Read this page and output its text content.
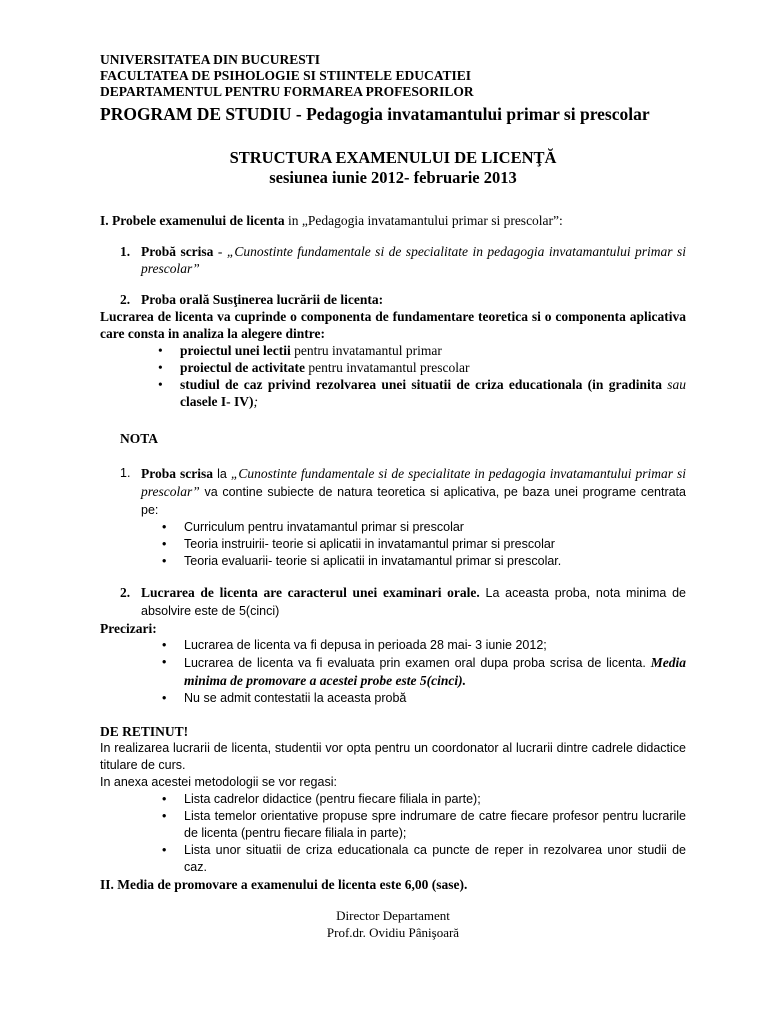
UNIVERSITATEA DIN BUCURESTI

FACULTATEA DE PSIHOLOGIE SI STIINTELE EDUCATIEI

DEPARTAMENTUL PENTRU FORMAREA PROFESORILOR

PROGRAM DE STUDIU - Pedagogia invatamantului primar si prescolar
STRUCTURA EXAMENULUI DE LICENŢĂ
sesiunea iunie 2012- februarie 2013
I. Probele examenului de licenta in „Pedagogia invatamantului primar si prescolar”:
1. Probă scrisa - „Cunostinte fundamentale si de specialitate in pedagogia invatamantului primar si prescolar”
2. Proba orală Susţinerea lucrării de licenta:
Lucrarea de licenta va cuprinde o componenta de fundamentare teoretica si o componenta aplicativa care consta in analiza la alegere dintre:
•	proiectul unei lectii pentru invatamantul primar
•	proiectul de activitate pentru invatamantul prescolar
•	studiul de caz privind rezolvarea unei situatii de criza educationala (in gradinita sau clasele I- IV);
NOTA
1. Proba scrisa la „Cunostinte fundamentale si de specialitate in pedagogia invatamantului primar si prescolar” va contine subiecte de natura teoretica si aplicativa, pe baza unei programe centrata pe:
•	Curriculum pentru invatamantul primar si prescolar
•	Teoria instruirii- teorie si aplicatii in invatamantul primar si prescolar
•	Teoria evaluarii- teorie si aplicatii in invatamantul primar si prescolar.
2. Lucrarea de licenta are caracterul unei examinari orale. La aceasta proba, nota minima de absolvire este de 5(cinci)
Precizari:
•	Lucrarea de licenta va fi depusa in perioada 28 mai- 3 iunie 2012;
•	Lucrarea de licenta va fi evaluata prin examen oral dupa proba scrisa de licenta. Media minima de promovare a acestei probe este 5(cinci).
•	Nu se admit contestatii la aceasta probă
DE RETINUT!
In realizarea lucrarii de licenta, studentii vor opta pentru un coordonator al lucrarii dintre cadrele didactice titulare de curs.
In anexa acestei metodologii se vor regasi:
•	Lista cadrelor didactice (pentru fiecare filiala in parte);
•	Lista temelor orientative propuse spre indrumare de catre fiecare profesor pentru lucrarile de licenta (pentru fiecare filiala in parte);
•	Lista unor situatii de criza educationala ca puncte de reper in rezolvarea unor studii de caz.
II. Media de promovare a examenului de licenta este 6,00 (sase).
Director Departament
Prof.dr. Ovidiu Pânişoară
